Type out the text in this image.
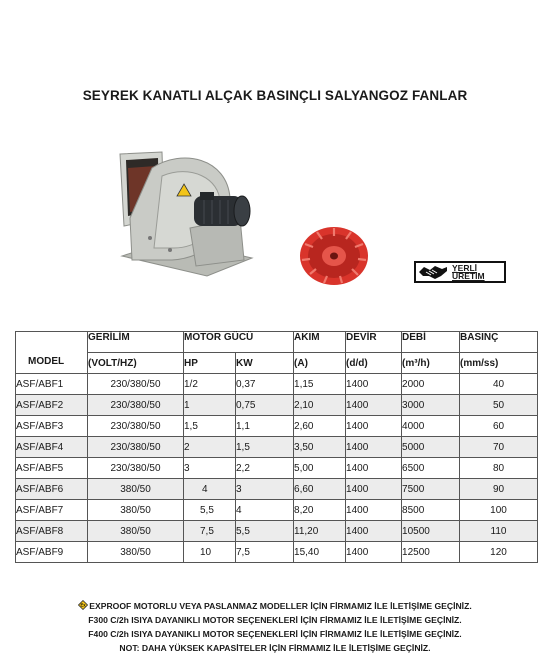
SEYREK KANATLI ALÇAK BASINÇLI SALYANGOZ FANLAR
YERLİ
ÜRETİM
MODEL	GERİLİM	MOTOR GÜCÜ		AKIM	DEVİR	DEBİ	BASINÇ
	(VOLT/HZ)	HP	KW	(A)	(d/d)	(m³/h)	(mm/ss)
ASF/ABF1	230/380/50	1/2	0,37	1,15	1400	2000	40
ASF/ABF2	230/380/50	1	0,75	2,10	1400	3000	50
ASF/ABF3	230/380/50	1,5	1,1	2,60	1400	4000	60
ASF/ABF4	230/380/50	2	1,5	3,50	1400	5000	70
ASF/ABF5	230/380/50	3	2,2	5,00	1400	6500	80
ASF/ABF6	380/50	4	3	6,60	1400	7500	90
ASF/ABF7	380/50	5,5	4	8,20	1400	8500	100
ASF/ABF8	380/50	7,5	5,5	11,20	1400	10500	110
ASF/ABF9	380/50	10	7,5	15,40	1400	12500	120
Ex EXPROOF MOTORLU VEYA PASLANMAZ MODELLER İÇİN FİRMAMIZ İLE İLETİŞİME GEÇİNİZ.
F300 C/2h ISIYA DAYANIKLI MOTOR SEÇENEKLERİ İÇİN FİRMAMIZ İLE İLETİŞİME GEÇİNİZ.
F400 C/2h ISIYA DAYANIKLI MOTOR SEÇENEKLERİ İÇİN FİRMAMIZ İLE İLETİŞİME GEÇİNİZ.
NOT: DAHA YÜKSEK KAPASİTELER İÇİN FİRMAMIZ İLE İLETİŞİME GEÇİNİZ.
